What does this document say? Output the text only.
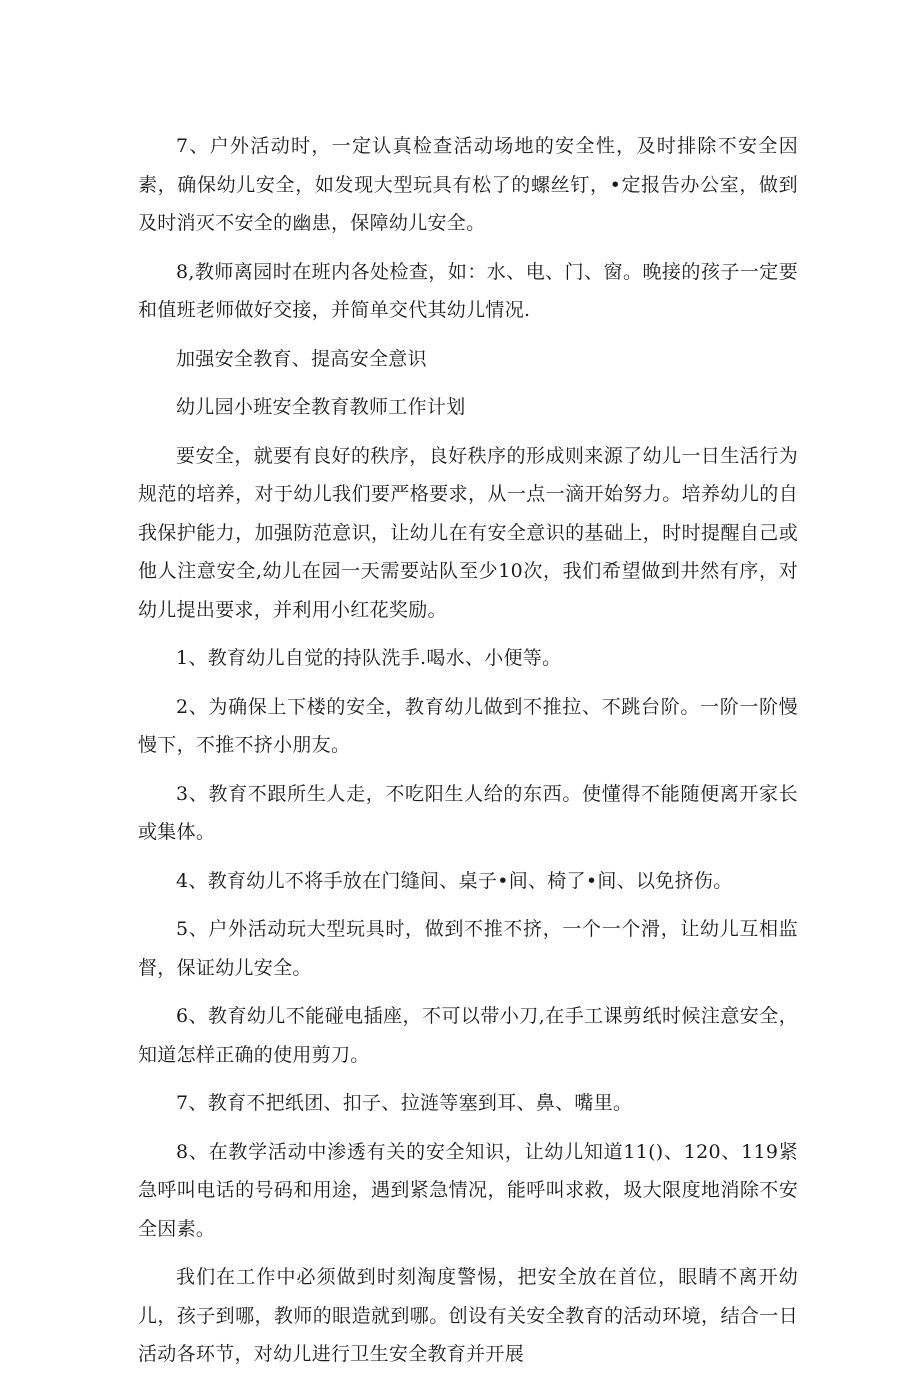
7、户外活动时，一定认真检查活动场地的安全性，及时排除不安全因素，确保幼儿安全，如发现大型玩具有松了的螺丝钉，•定报告办公室，做到及时消灭不安全的幽患，保障幼儿安全。

8,教师离园时在班内各处检查，如：水、电、门、窗。晚接的孩子一定要和值班老师做好交接，并简单交代其幼儿情况.

加强安全教育、提高安全意识

幼儿园小班安全教育教师工作计划

要安全，就要有良好的秩序，良好秩序的形成则来源了幼儿一日生活行为规范的培养，对于幼儿我们要严格要求，从一点一滴开始努力。培养幼儿的自我保护能力，加强防范意识，让幼儿在有安全意识的基础上，时时提醒自己或他人注意安全,幼儿在园一天需要站队至少10次，我们希望做到井然有序，对幼儿提出要求，并利用小红花奖励。

1、教育幼儿自觉的持队洗手.喝水、小便等。

2、为确保上下楼的安全，教育幼儿做到不推拉、不跳台阶。一阶一阶慢慢下，不推不挤小朋友。

3、教育不跟所生人走，不吃阳生人给的东西。使懂得不能随便离开家长或集体。

4、教育幼儿不将手放在门缝间、桌子•间、椅了•间、以免挤伤。

5、户外活动玩大型玩具时，做到不推不挤，一个一个滑，让幼儿互相监督，保证幼儿安全。

6、教育幼儿不能碰电插座，不可以带小刀,在手工课剪纸时候注意安全，知道怎样正确的使用剪刀。

7、教育不把纸团、扣子、拉涟等塞到耳、鼻、嘴里。

8、在教学活动中渗透有关的安全知识，让幼儿知道11()、120、119紧急呼叫电话的号码和用途，遇到紧急情况，能呼叫求救，圾大限度地消除不安全因素。

我们在工作中必须做到时刻淘度警惕，把安全放在首位，眼睛不离开幼儿，孩子到哪，教师的眼造就到哪。创设有关安全教育的活动环境，结合一日活动各环节，对幼儿进行卫生安全教育并开展
